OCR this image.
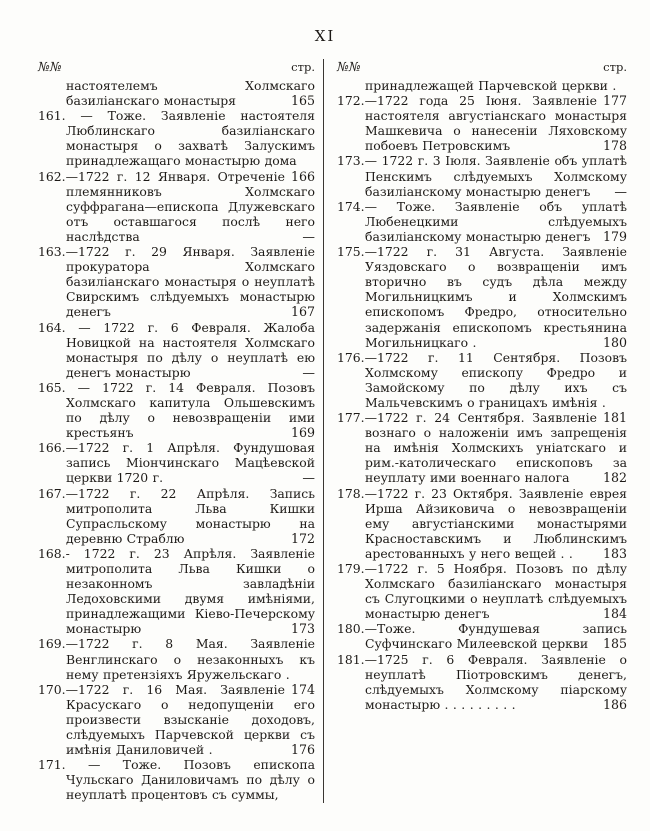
XI
№№	стр.

настоятелемъ Холмскаго базиліанскаго монастыря	165

161. — Тоже. Заявленіе настоятеля Люблинскаго базиліанскаго монастыря о захватѣ Залускимъ принадлежащаго монастырю дома
166

162.—1722 г. 12 Января. Отреченіе племянниковъ Холмскаго суффрагана—епископа Длужевскаго отъ оставшагося послѣ него наслѣдства	—

163.—1722 г. 29 Января. Заявленіе прокуратора Холмскаго базиліанскаго монастыря о неуплатѣ Свирскимъ слѣдуемыхъ монастырю денегъ	167

164. — 1722 г. 6 Февраля. Жалоба Новицкой на настоятеля Холмскаго монастыря по дѣлу о неуплатѣ ею денегъ монастырю	—

165. — 1722 г. 14 Февраля. Позовъ Холмскаго капитула Ольшевскимъ по дѣлу о невозвращеніи ими крестьянъ	169

166.—1722 г. 1 Апрѣля. Фундушовая запись Міончинскаго Мацѣевской церкви 1720 г.	—

167.—1722 г. 22 Апрѣля. Запись митрополита Льва Кишки Супрасльскому монастырю на деревню Страблю	172

168.- 1722 г. 23 Апрѣля. Заявленіе митрополита Льва Кишки о незаконномъ завладѣніи Ледоховскими двумя имѣніями, принадлежащими Кіево-Печерскому монастырю	173

169.—1722 г. 8 Мая. Заявленіе Венглинскаго о незаконныхъ къ нему претензіяхъ Яружельскаго .
174

170.—1722 г. 16 Мая. Заявленіе Красускаго о недопущеніи его произвести взысканіе доходовъ, слѣдуемыхъ Парчевской церкви съ имѣнія Даниловичей .	176

171. — Тоже. Позовъ епископа Чульскаго Даниловичамъ по дѣлу о неуплатѣ процентовъ съ суммы,

№№	стр.

принадлежащей Парчевской церкви .
177

172.—1722 года 25 Іюня. Заявленіе настоятеля августіанскаго монастыря Машкевича о нанесеніи Ляховскому побоевъ Петровскимъ	178

173.— 1722 г. 3 Іюля. Заявленіе объ уплатѣ Пенскимъ слѣдуемыхъ Холмскому базиліанскому монастырю денегъ	—

174.— Тоже. Заявленіе объ уплатѣ Любенецкими слѣдуемыхъ базиліанскому монастырю денегъ	179

175.—1722 г. 31 Августа. Заявленіе Уяздовскаго о возвращеніи имъ вторично въ судъ дѣла между Могильницкимъ и Холмскимъ епископомъ Фредро, относительно задержанія епископомъ крестьянина Могильницкаго .	180

176.—1722 г. 11 Сентября. Позовъ Холмскому епископу Фредро и Замойскому по дѣлу ихъ съ Мальчевскимъ о границахъ имѣнія .
181

177.—1722 г. 24 Сентября. Заявленіе вознаго о наложеніи имъ запрещенія на имѣнія Холмскихъ уніатскаго и рим.-католическаго епископовъ за неуплату ими военнаго налога	182

178.—1722 г. 23 Октября. Заявленіе еврея Ирша Айзиковича о невозвращеніи ему августіанскими монастырями Красноставскимъ и Люблинскимъ арестованныхъ у него вещей . .	183

179.—1722 г. 5 Ноября. Позовъ по дѣлу Холмскаго базиліанскаго монастыря съ Слугоцкими о неуплатѣ слѣдуемыхъ монастырю денегъ	184

180.—Тоже. Фундушевая запись Суфчинскаго Милеевской церкви	185

181.—1725 г. 6 Февраля. Заявленіе о неуплатѣ Піотровскимъ денегъ, слѣдуемыхъ Холмскому піарскому монастырю . . . . . . . . .	186
